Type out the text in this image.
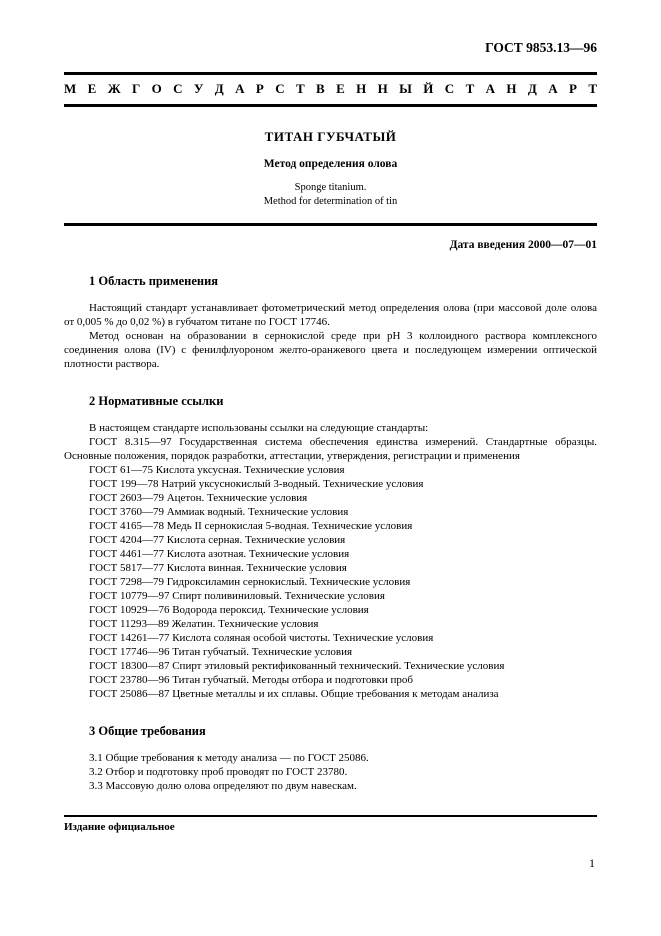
ГОСТ 9853.13—96
М Е Ж Г О С У Д А Р С Т В Е Н Н Ы Й С Т А Н Д А Р Т
ТИТАН ГУБЧАТЫЙ
Метод определения олова
Sponge titanium.
Method for determination of tin
Дата введения 2000—07—01
1 Область применения

Настоящий стандарт устанавливает фотометрический метод определения олова (при массовой доле олова от 0,005 % до 0,02 %) в губчатом титане по ГОСТ 17746.

Метод основан на образовании в сернокислой среде при рН 3 коллоидного раствора комплексного соединения олова (IV) с фенилфлуороном желто-оранжевого цвета и последующем измерении оптической плотности раствора.

2 Нормативные ссылки

В настоящем стандарте использованы ссылки на следующие стандарты:

ГОСТ 8.315—97 Государственная система обеспечения единства измерений. Стандартные образцы. Основные положения, порядок разработки, аттестации, утверждения, регистрации и применения

ГОСТ 61—75 Кислота уксусная. Технические условия

ГОСТ 199—78 Натрий уксуснокислый 3-водный. Технические условия

ГОСТ 2603—79 Ацетон. Технические условия

ГОСТ 3760—79 Аммиак водный. Технические условия

ГОСТ 4165—78 Медь II сернокислая 5-водная. Технические условия

ГОСТ 4204—77 Кислота серная. Технические условия

ГОСТ 4461—77 Кислота азотная. Технические условия

ГОСТ 5817—77 Кислота винная. Технические условия

ГОСТ 7298—79 Гидроксиламин сернокислый. Технические условия

ГОСТ 10779—97 Спирт поливиниловый. Технические условия

ГОСТ 10929—76 Водорода пероксид. Технические условия

ГОСТ 11293—89 Желатин. Технические условия

ГОСТ 14261—77 Кислота соляная особой чистоты. Технические условия

ГОСТ 17746—96 Титан губчатый. Технические условия

ГОСТ 18300—87 Спирт этиловый ректификованный технический. Технические условия

ГОСТ 23780—96 Титан губчатый. Методы отбора и подготовки проб

ГОСТ 25086—87 Цветные металлы и их сплавы. Общие требования к методам анализа

3 Общие требования

3.1 Общие требования к методу анализа — по ГОСТ 25086.

3.2 Отбор и подготовку проб проводят по ГОСТ 23780.

3.3 Массовую долю олова определяют по двум навескам.

Издание официальное
1
